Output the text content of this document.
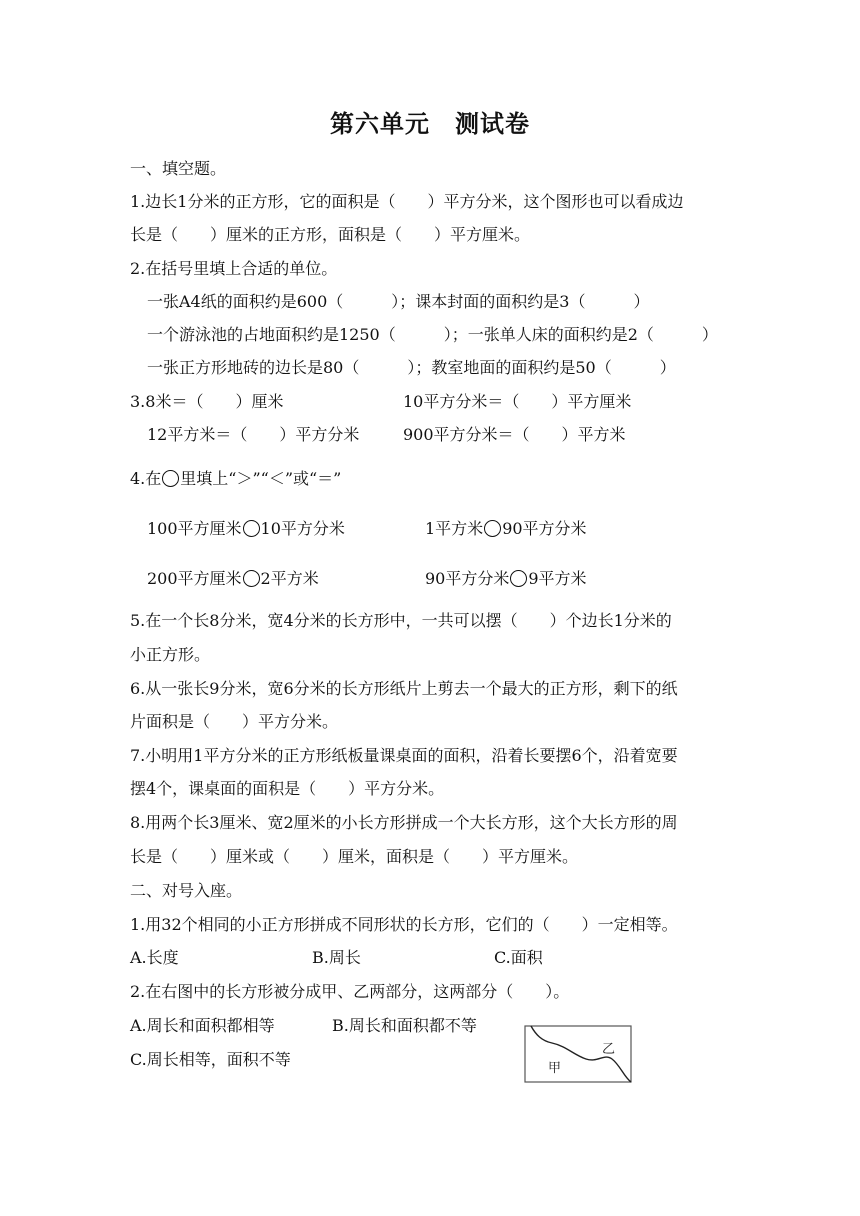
第六单元　测试卷
一、填空题。
1.边长1分米的正方形，它的面积是（　　）平方分米，这个图形也可以看成边
长是（　　）厘米的正方形，面积是（　　）平方厘米。
2.在括号里填上合适的单位。
一张A4纸的面积约是600（　　　）；课本封面的面积约是3（　　　）
一个游泳池的占地面积约是1250（　　　）；一张单人床的面积约是2（　　　）
一张正方形地砖的边长是80（　　　）；教室地面的面积约是50（　　　）
3.8米＝（　　）厘米	10平方分米＝（　　）平方厘米
12平方米＝（　　）平方分米	900平方分米＝（　　）平方米
4.在 里填上“＞”“＜”或“＝”
100平方厘米 10平方分米	1平方米 90平方分米
200平方厘米 2平方米	90平方分米 9平方米
5.在一个长8分米，宽4分米的长方形中，一共可以摆（　　）个边长1分米的
小正方形。
6.从一张长9分米，宽6分米的长方形纸片上剪去一个最大的正方形，剩下的纸
片面积是（　　）平方分米。
7.小明用1平方分米的正方形纸板量课桌面的面积，沿着长要摆6个，沿着宽要
摆4个，课桌面的面积是（　　）平方分米。
8.用两个长3厘米、宽2厘米的小长方形拼成一个大长方形，这个大长方形的周
长是（　　）厘米或（　　）厘米，面积是（　　）平方厘米。
二、对号入座。
1.用32个相同的小正方形拼成不同形状的长方形，它们的（　　）一定相等。
A.长度	B.周长	C.面积
2.在右图中的长方形被分成甲、乙两部分，这两部分（　　）。
A.周长和面积都相等	B.周长和面积都不等
C.周长相等，面积不等	甲
乙
